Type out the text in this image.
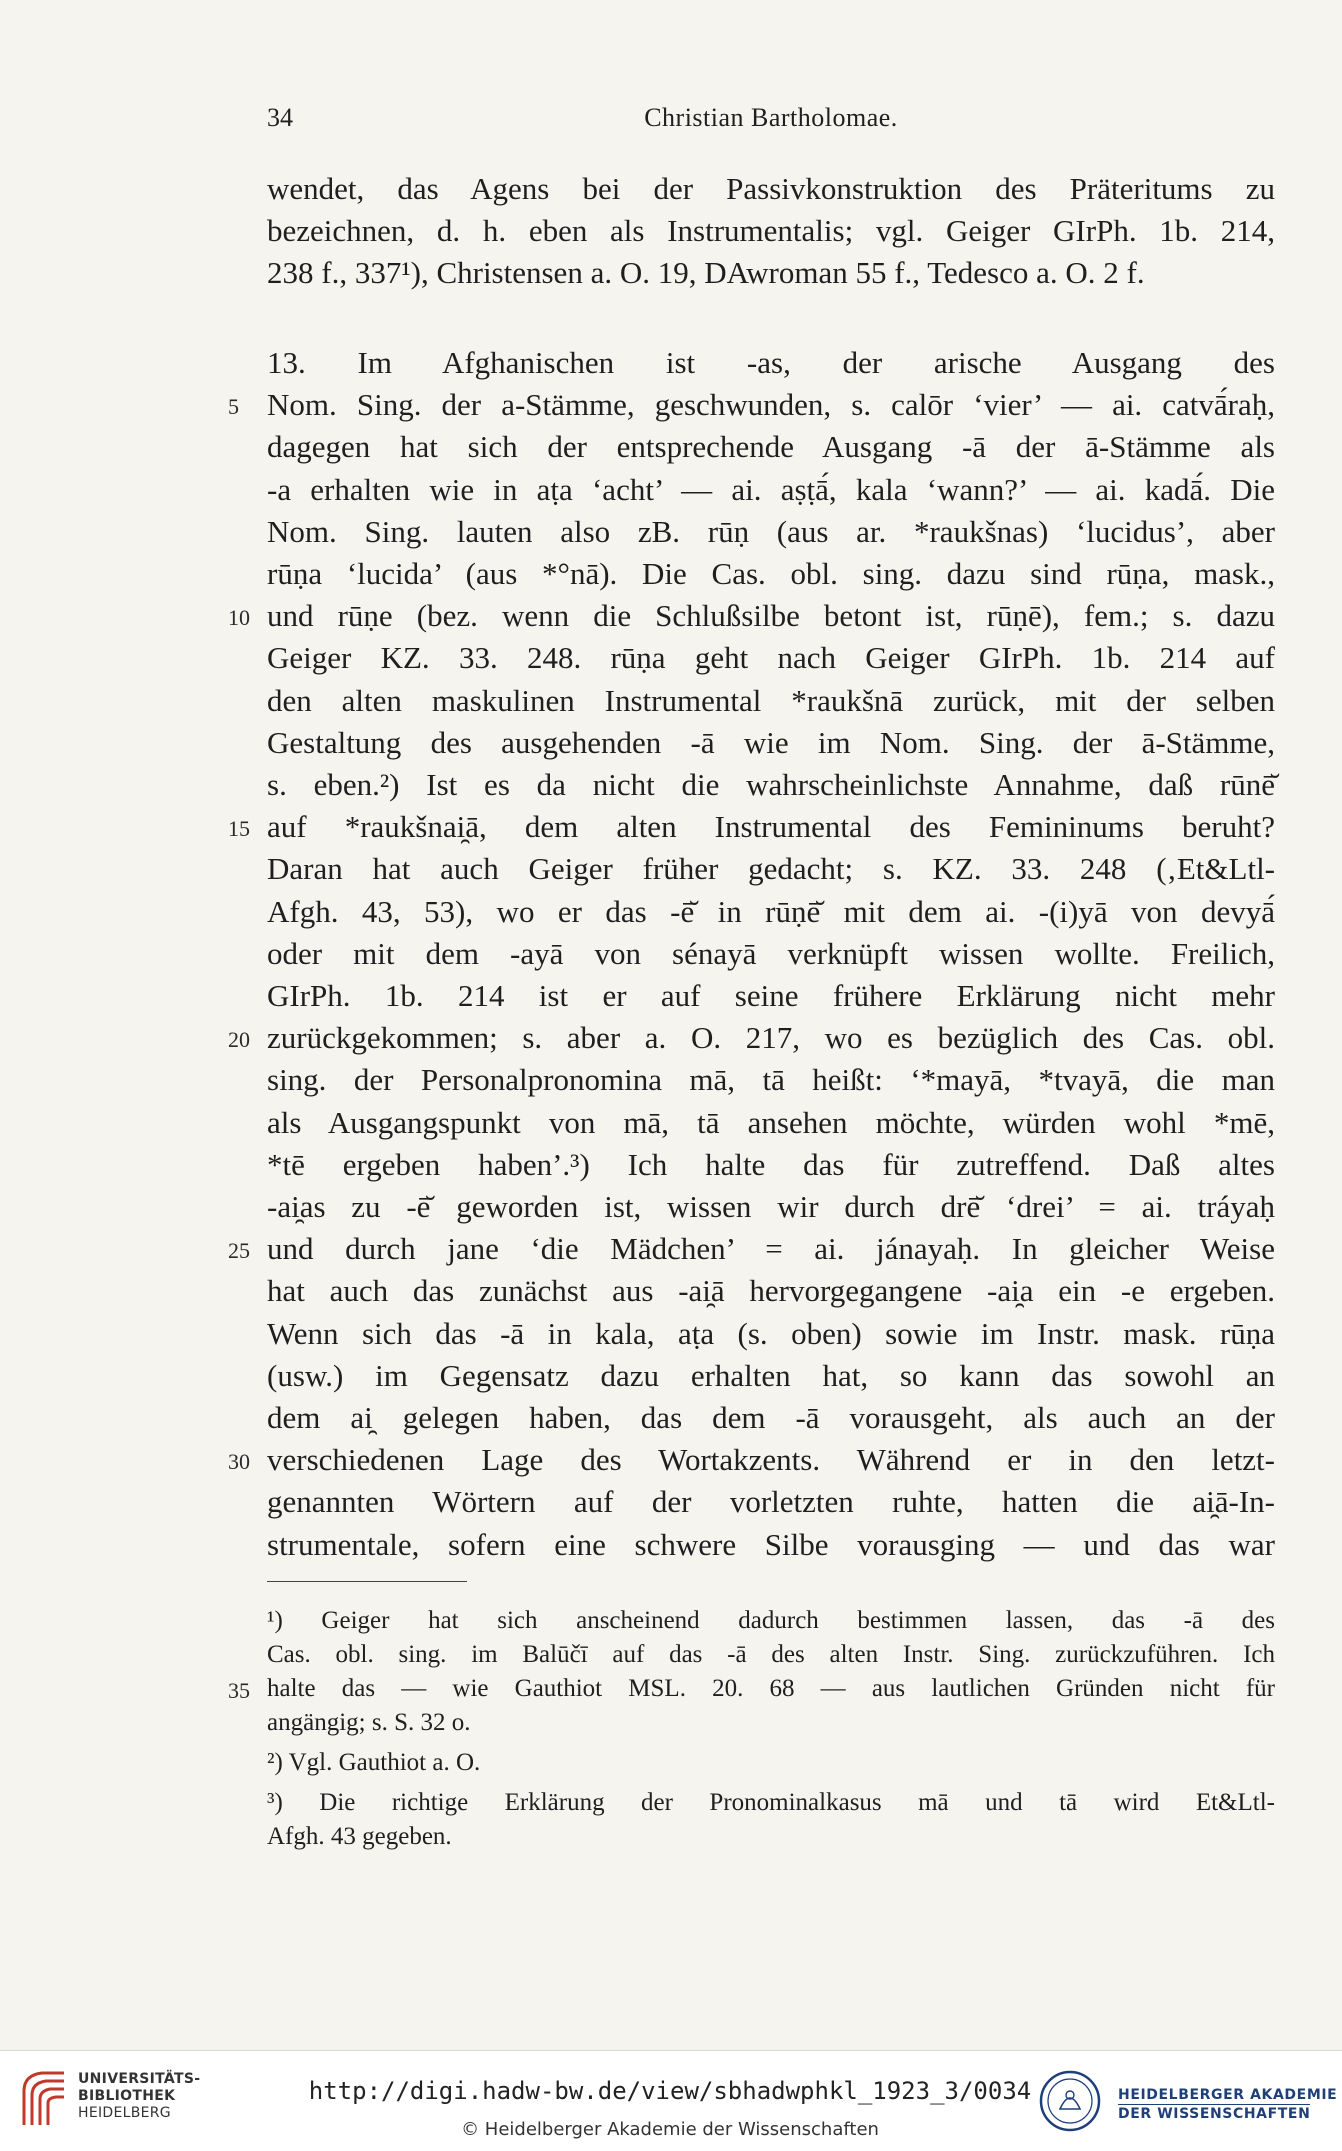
34	Christian Bartholomae.
wendet, das Agens bei der Passivkonstruktion des Präteritums zu
bezeichnen, d. h. eben als Instrumentalis; vgl. Geiger GIrPh. 1b. 214,
238 f., 337¹), Christensen a. O. 19, DAwroman 55 f., Tedesco a. O. 2 f.
13. Im Afghanischen ist -as, der arische Ausgang des
Nom. Sing. der a-Stämme, geschwunden, s. calōr ‘vier’ — ai. catvā́raḥ,
5
dagegen hat sich der entsprechende Ausgang -ā der ā-Stämme als
-a erhalten wie in aṭa ‘acht’ — ai. aṣṭā́, kala ‘wann?’ — ai. kadā́. Die
Nom. Sing. lauten also zB. rūṇ (aus ar. *raukšnas) ‘lucidus’, aber
rūṇa ‘lucida’ (aus *°nā). Die Cas. obl. sing. dazu sind rūṇa, mask.,
und rūṇe (bez. wenn die Schlußsilbe betont ist, rūṇē), fem.; s. dazu
10
Geiger KZ. 33. 248. rūṇa geht nach Geiger GIrPh. 1b. 214 auf
den alten maskulinen Instrumental *raukšnā zurück, mit der selben
Gestaltung des ausgehenden -ā wie im Nom. Sing. der ā-Stämme,
s. eben.²) Ist es da nicht die wahrscheinlichste Annahme, daß rūnē̆
auf *raukšnai̯ā, dem alten Instrumental des Femininums beruht?
15
Daran hat auch Geiger früher gedacht; s. KZ. 33. 248 (‚Et&Ltl-
Afgh. 43, 53), wo er das -ē̆ in rūṇē̆ mit dem ai. -(i)yā von devyā́
oder mit dem -ayā von sénayā verknüpft wissen wollte. Freilich,
GIrPh. 1b. 214 ist er auf seine frühere Erklärung nicht mehr
zurückgekommen; s. aber a. O. 217, wo es bezüglich des Cas. obl.
20
sing. der Personalpronomina mā, tā heißt: ‘*mayā, *tvayā, die man
als Ausgangspunkt von mā, tā ansehen möchte, würden wohl *mē,
*tē ergeben haben’.³) Ich halte das für zutreffend. Daß altes
-ai̯as zu -ē̆ geworden ist, wissen wir durch drē̆ ‘drei’ = ai. tráyaḥ
und durch jane ‘die Mädchen’ = ai. jánayaḥ. In gleicher Weise
25
hat auch das zunächst aus -ai̯ā hervorgegangene -ai̯a ein -e ergeben.
Wenn sich das -ā in kala, aṭa (s. oben) sowie im Instr. mask. rūṇa
(usw.) im Gegensatz dazu erhalten hat, so kann das sowohl an
dem ai̯ gelegen haben, das dem -ā vorausgeht, als auch an der
verschiedenen Lage des Wortakzents. Während er in den letzt-
30
genannten Wörtern auf der vorletzten ruhte, hatten die ai̯ā-In-
strumentale, sofern eine schwere Silbe vorausging — und das war
¹) Geiger hat sich anscheinend dadurch bestimmen lassen, das -ā des
Cas. obl. sing. im Balūčī auf das -ā des alten Instr. Sing. zurückzuführen. Ich
halte das — wie Gauthiot MSL. 20. 68 — aus lautlichen Gründen nicht für
35
angängig; s. S. 32 o.
²) Vgl. Gauthiot a. O.
³) Die richtige Erklärung der Pronominalkasus mā und tā wird Et&Ltl-
Afgh. 43 gegeben.
UNIVERSITÄTS-
BIBLIOTHEK
HEIDELBERG
http://digi.hadw-bw.de/view/sbhadwphkl_1923_3/0034
© Heidelberger Akademie der Wissenschaften
HEIDELBERGER AKADEMIE
DER WISSENSCHAFTEN
